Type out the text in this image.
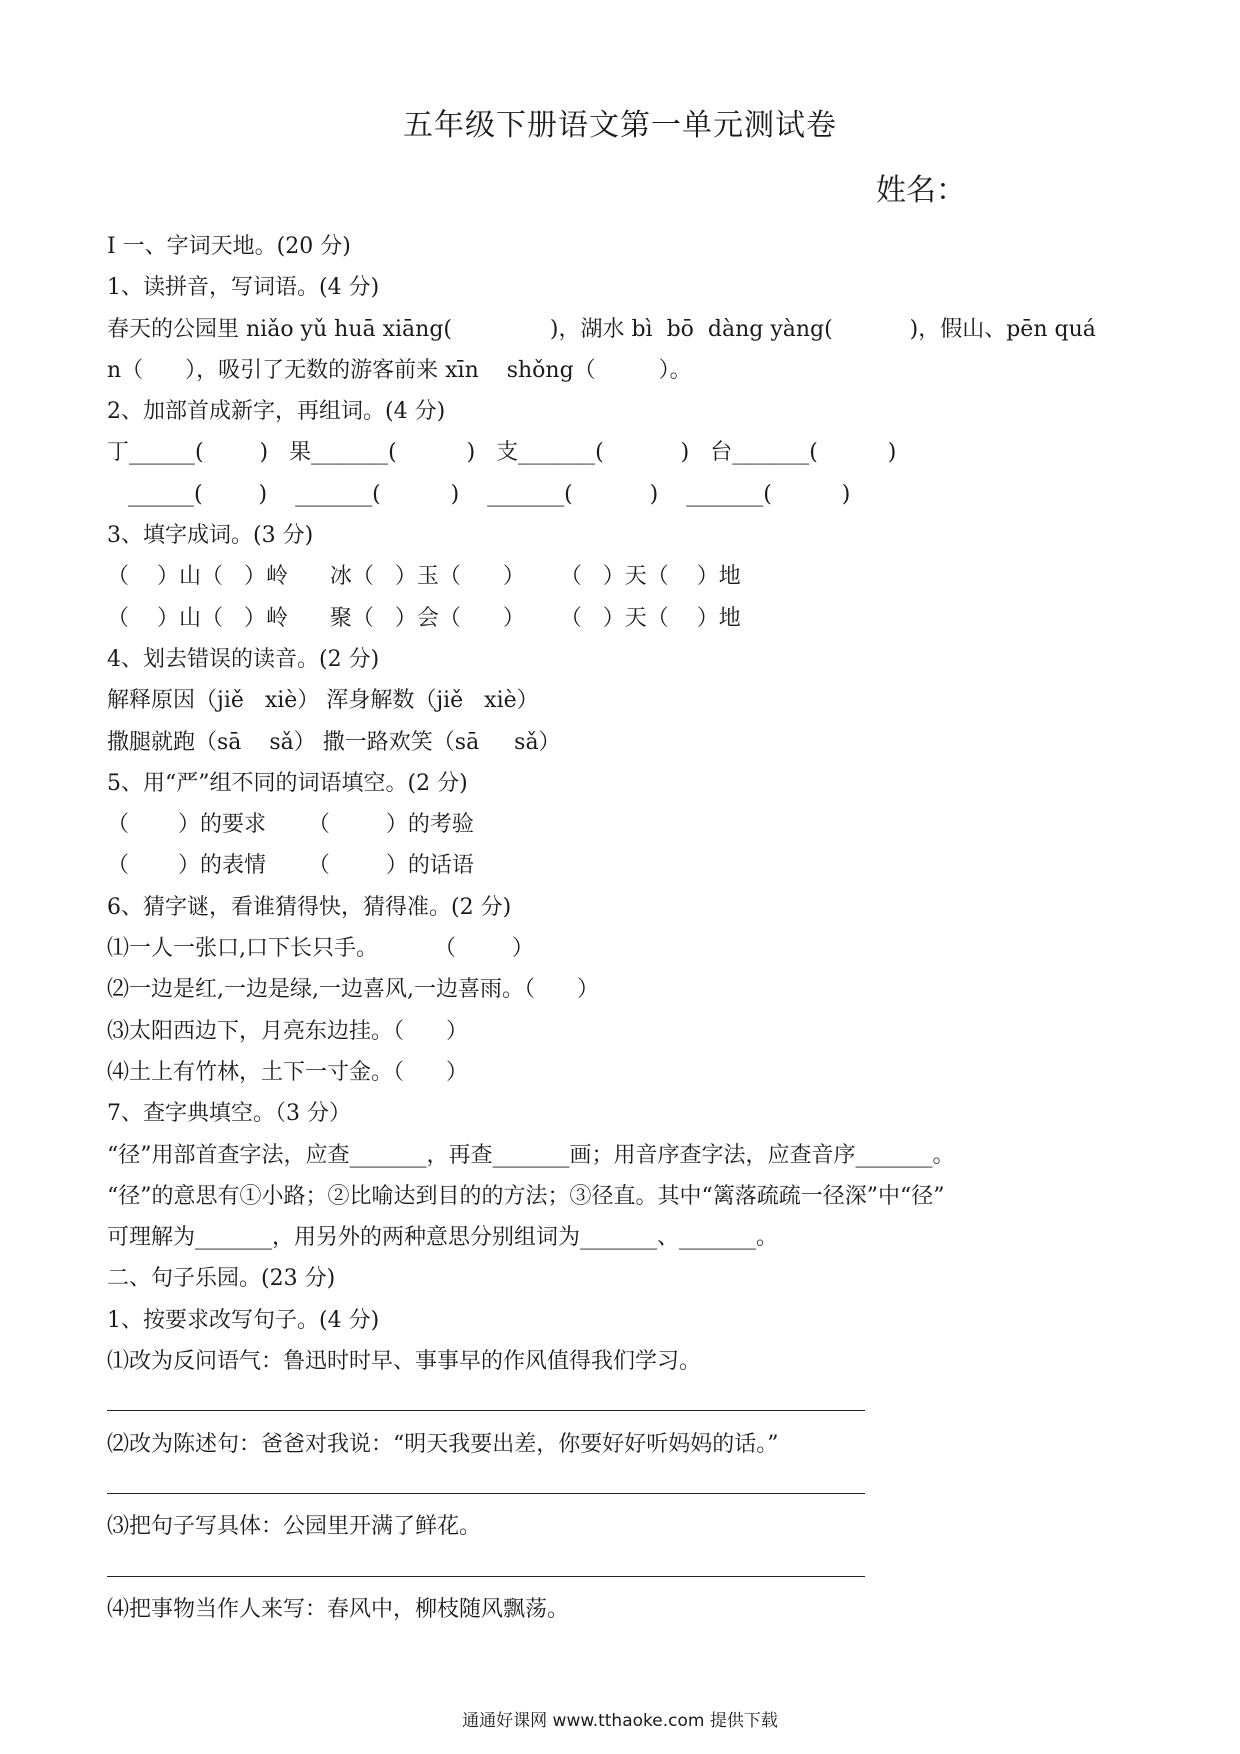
五年级下册语文第一单元测试卷
姓名：
I 一、字词天地。(20 分)
1、读拼音，写词语。(4 分)
春天的公园里 niǎo yǔ huā xiāng(              )，湖水 bì  bō  dàng yàng(           )，假山、pēn quá
n（      ），吸引了无数的游客前来 xīn    shǒng（         ）。
2、加部首成新字，再组词。(4 分)
丁______(        )   果_______(          )   支_______(           )   台_______(          )
______(        )    _______(          )    _______(           )    _______(          )
3、填字成词。(3 分)
（    ）山（   ）岭      冰（   ）玉（      ）     （   ）天（    ）地
（    ）山（   ）岭      聚（   ）会（      ）     （   ）天（    ）地
4、划去错误的读音。(2 分)
解释原因（jiě   xiè） 浑身解数（jiě   xiè）
撒腿就跑（sā    sǎ） 撒一路欢笑（sā     sǎ）
5、用“严”组不同的词语填空。(2 分)
（       ）的要求      （        ）的考验
（       ）的表情      （        ）的话语
6、猜字谜，看谁猜得快，猜得准。(2 分)
⑴一人一张口,口下长只手。        （        ）
⑵一边是红,一边是绿,一边喜风,一边喜雨。（      ）
⑶太阳西边下，月亮东边挂。（      ）
⑷土上有竹林，土下一寸金。（      ）
7、查字典填空。（3 分）
“径”用部首查字法，应查_______，再查_______画；用音序查字法，应查音序_______。
“径”的意思有①小路；②比喻达到目的的方法；③径直。其中“篱落疏疏一径深”中“径”
可理解为_______，用另外的两种意思分别组词为_______、_______。
二、句子乐园。(23 分)
1、按要求改写句子。(4 分)
⑴改为反问语气：鲁迅时时早、事事早的作风值得我们学习。
⑵改为陈述句：爸爸对我说：“明天我要出差，你要好好听妈妈的话。”
⑶把句子写具体：公园里开满了鲜花。
⑷把事物当作人来写：春风中，柳枝随风飘荡。
通通好课网 www.tthaoke.com 提供下载
